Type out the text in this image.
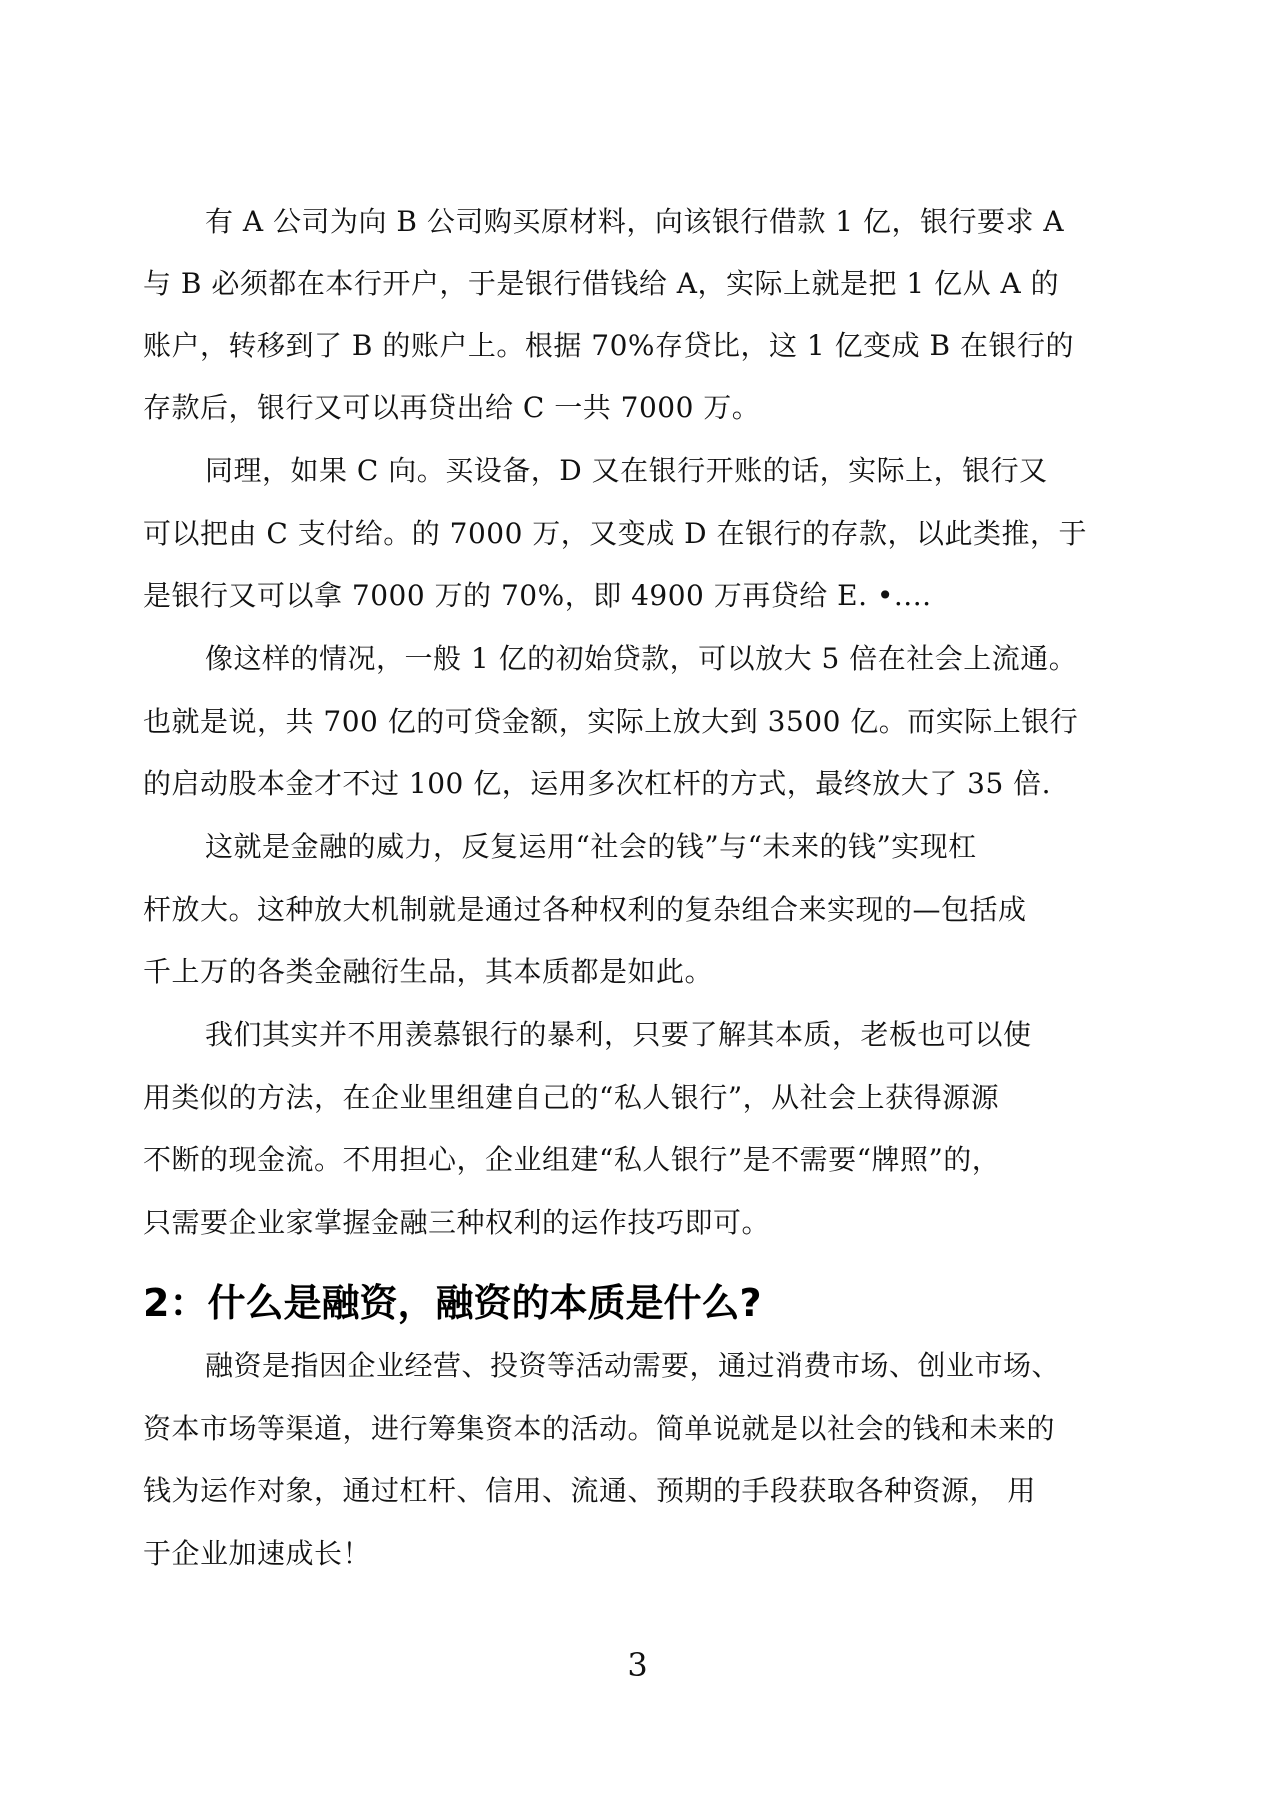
有 A 公司为向 B 公司购买原材料，向该银行借款 1 亿，银行要求 A
与 B 必须都在本行开户，于是银行借钱给 A，实际上就是把 1 亿从 A 的
账户，转移到了 B 的账户上。根据 70%存贷比，这 1 亿变成 B 在银行的
存款后，银行又可以再贷出给 C 一共 7000 万。
同理，如果 C 向。买设备，D 又在银行开账的话，实际上，银行又
可以把由 C 支付给。的 7000 万，又变成 D 在银行的存款，以此类推，于
是银行又可以拿 7000 万的 70%，即 4900 万再贷给 E. •....
像这样的情况，一般 1 亿的初始贷款，可以放大 5 倍在社会上流通。
也就是说，共 700 亿的可贷金额，实际上放大到 3500 亿。而实际上银行
的启动股本金才不过 100 亿，运用多次杠杆的方式，最终放大了 35 倍.
这就是金融的威力，反复运用“社会的钱”与“未来的钱”实现杠
杆放大。这种放大机制就是通过各种权利的复杂组合来实现的—包括成
千上万的各类金融衍生品，其本质都是如此。
我们其实并不用羡慕银行的暴利，只要了解其本质，老板也可以使
用类似的方法，在企业里组建自己的“私人银行”，从社会上获得源源
不断的现金流。不用担心，企业组建“私人银行”是不需要“牌照”的，
只需要企业家掌握金融三种权利的运作技巧即可。
2：什么是融资，融资的本质是什么?
融资是指因企业经营、投资等活动需要，通过消费市场、创业市场、
资本市场等渠道，进行筹集资本的活动。简单说就是以社会的钱和未来的
钱为运作对象，通过杠杆、信用、流通、预期的手段获取各种资源， 用
于企业加速成长！
3
